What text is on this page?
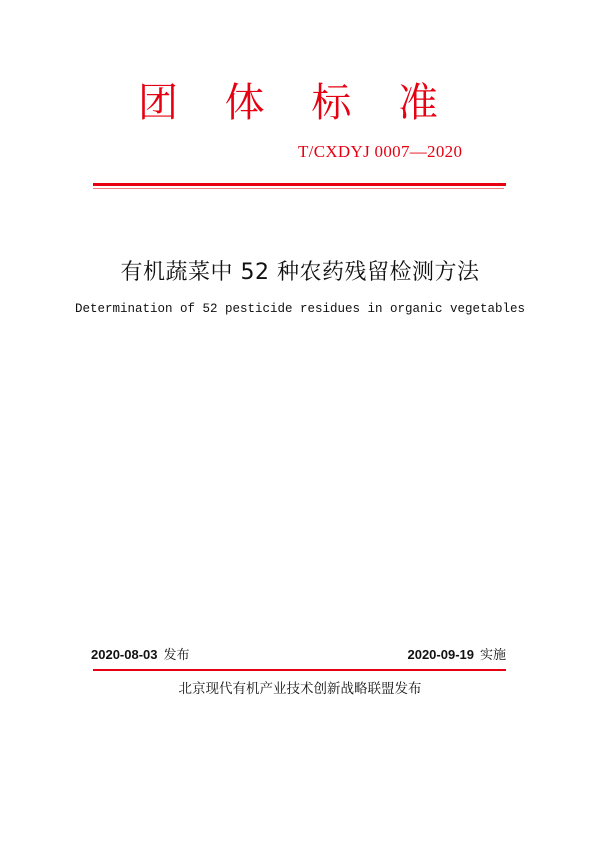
团 体 标 准
T/CXDYJ 0007—2020
有机蔬菜中 52 种农药残留检测方法
Determination of 52 pesticide residues in organic vegetables
2020-08-03 发布	2020-09-19 实施
北京现代有机产业技术创新战略联盟发布
